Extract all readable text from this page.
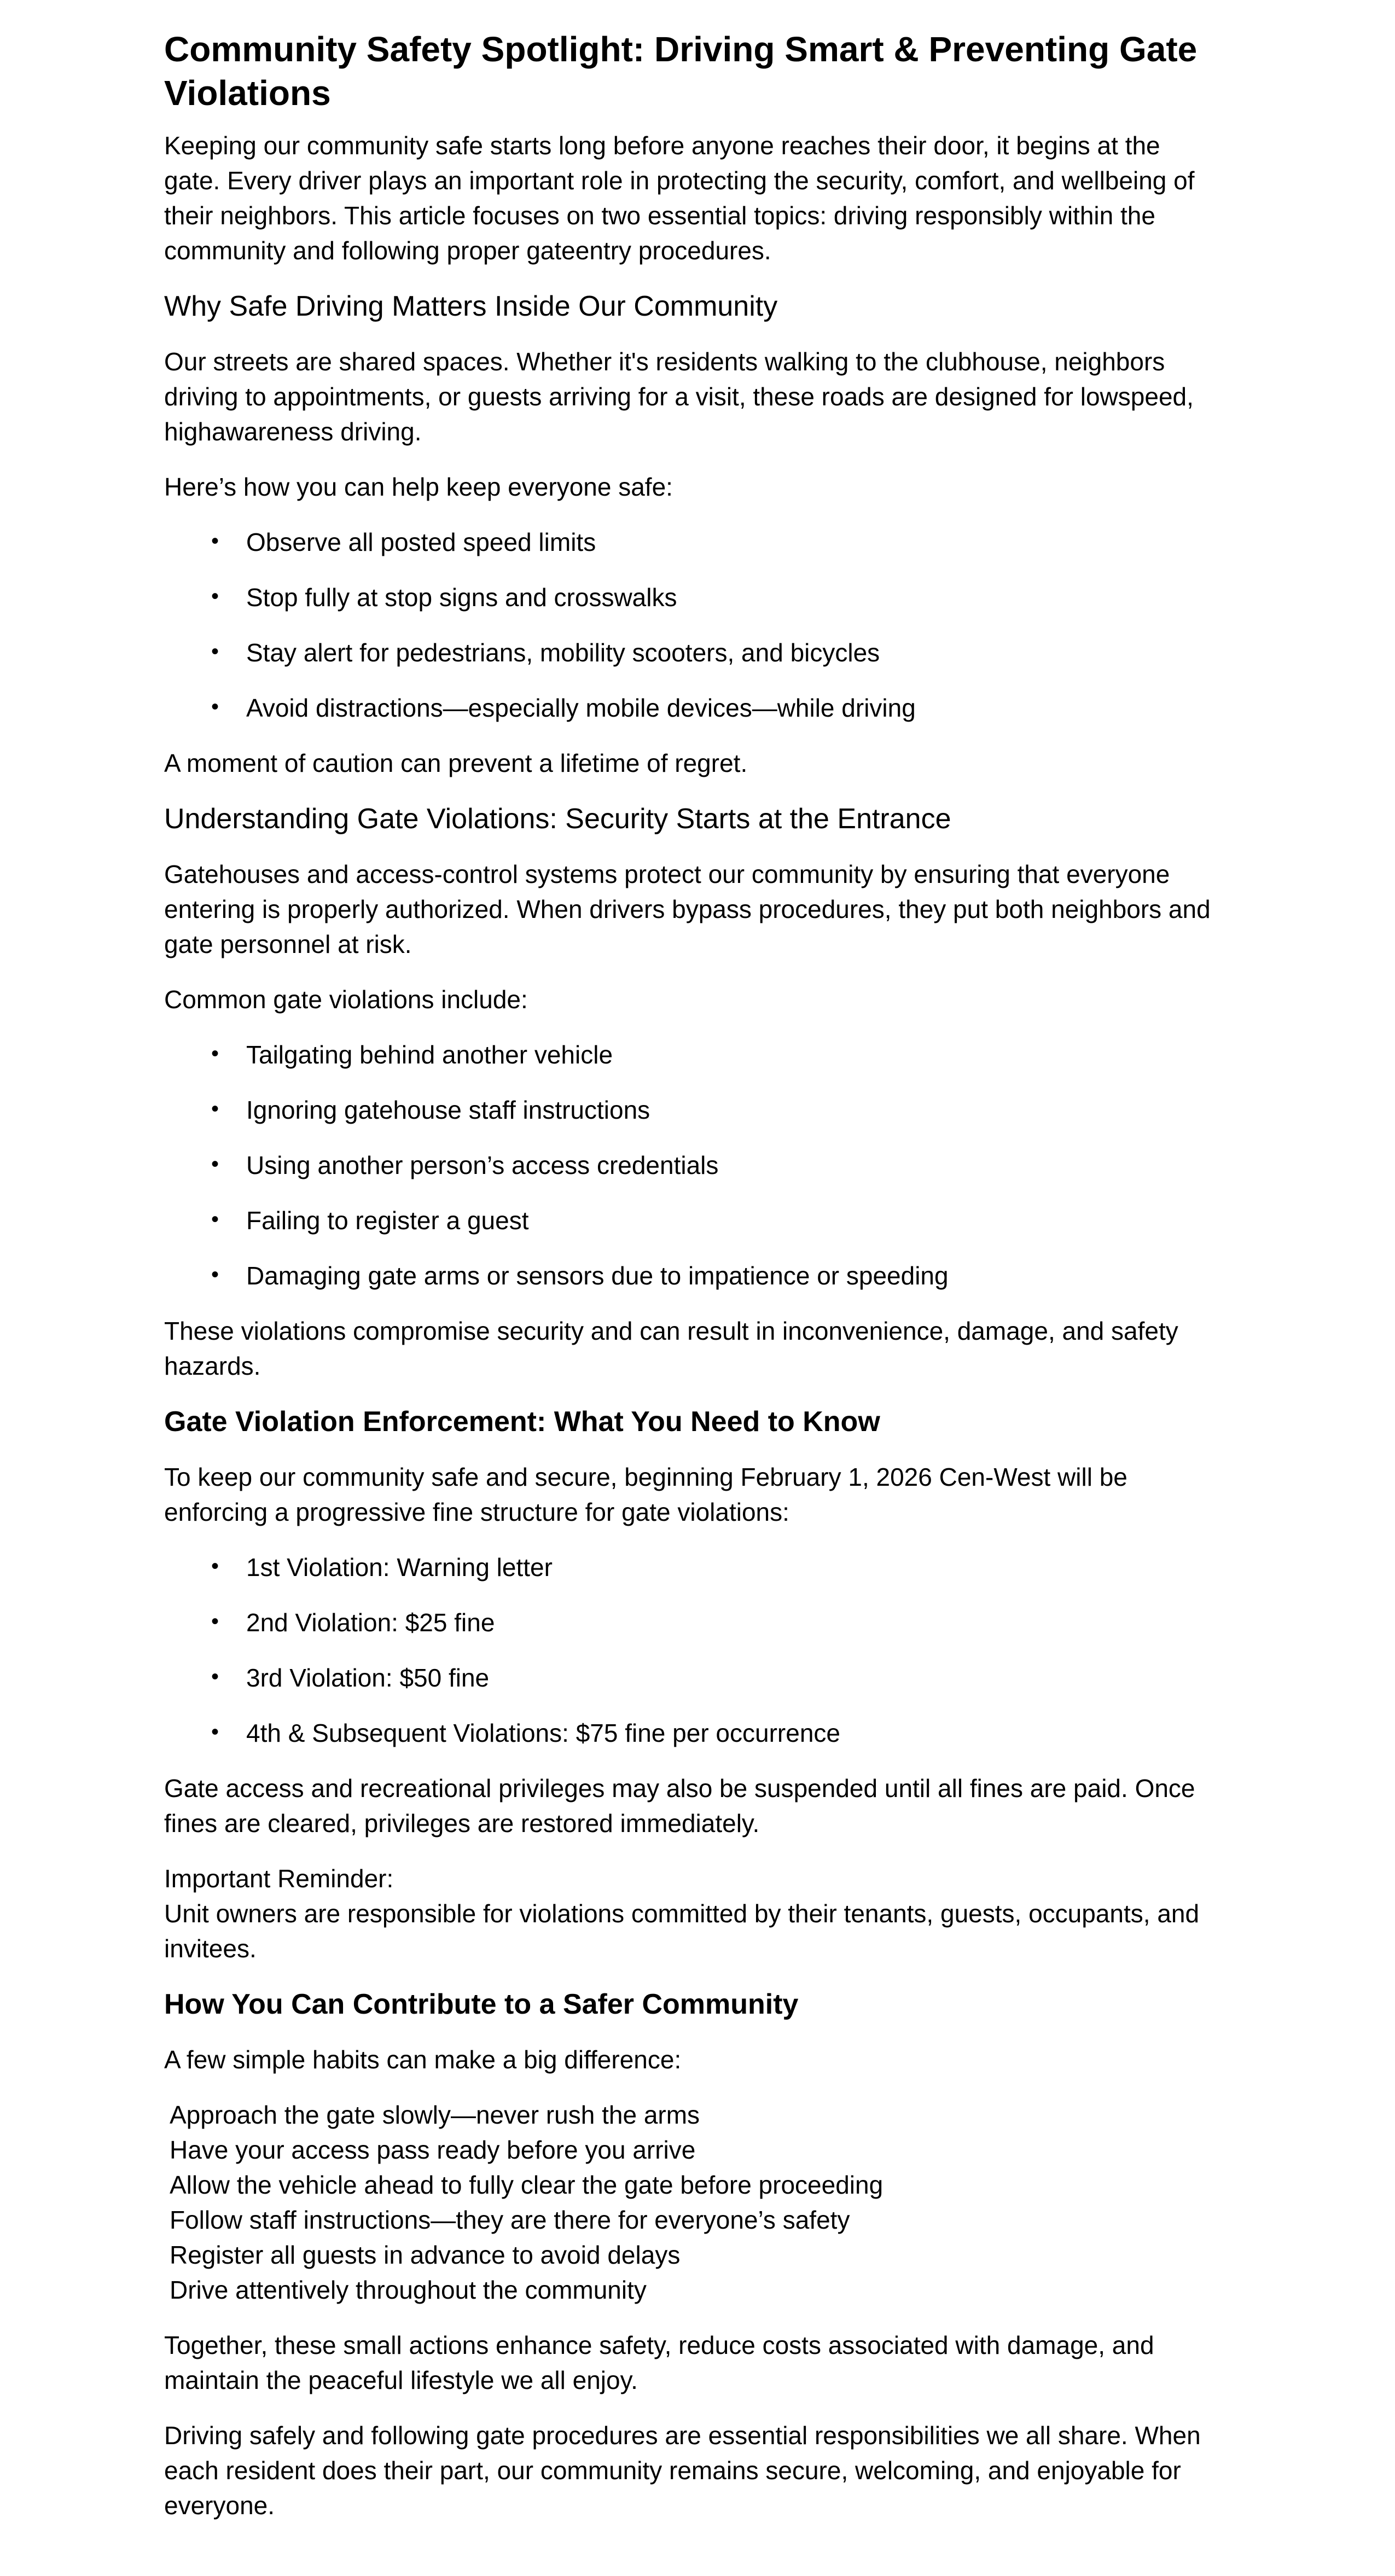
Community Safety Spotlight: Driving Smart & Preventing Gate Violations

Keeping our community safe starts long before anyone reaches their door, it begins at the gate. Every driver plays an important role in protecting the security, comfort, and wellbeing of their neighbors. This article focuses on two essential topics: driving responsibly within the community and following proper gateentry procedures.

Why Safe Driving Matters Inside Our Community

Our streets are shared spaces. Whether it's residents walking to the clubhouse, neighbors driving to appointments, or guests arriving for a visit, these roads are designed for lowspeed, highawareness driving.

Here’s how you can help keep everyone safe:

• Observe all posted speed limits
• Stop fully at stop signs and crosswalks
• Stay alert for pedestrians, mobility scooters, and bicycles
• Avoid distractions—especially mobile devices—while driving

A moment of caution can prevent a lifetime of regret.

Understanding Gate Violations: Security Starts at the Entrance

Gatehouses and access-control systems protect our community by ensuring that everyone entering is properly authorized. When drivers bypass procedures, they put both neighbors and gate personnel at risk.

Common gate violations include:

• Tailgating behind another vehicle
• Ignoring gatehouse staff instructions
• Using another person’s access credentials
• Failing to register a guest
• Damaging gate arms or sensors due to impatience or speeding

These violations compromise security and can result in inconvenience, damage, and safety hazards.

Gate Violation Enforcement: What You Need to Know

To keep our community safe and secure, beginning February 1, 2026 Cen-West will be enforcing a progressive fine structure for gate violations:

• 1st Violation: Warning letter
• 2nd Violation: $25 fine
• 3rd Violation: $50 fine
• 4th & Subsequent Violations: $75 fine per occurrence

Gate access and recreational privileges may also be suspended until all fines are paid. Once fines are cleared, privileges are restored immediately.

Important Reminder:
Unit owners are responsible for violations committed by their tenants, guests, occupants, and invitees.
How You Can Contribute to a Safer Community

A few simple habits can make a big difference:

Approach the gate slowly—never rush the arms
Have your access pass ready before you arrive
Allow the vehicle ahead to fully clear the gate before proceeding
Follow staff instructions—they are there for everyone’s safety
Register all guests in advance to avoid delays
Drive attentively throughout the community

Together, these small actions enhance safety, reduce costs associated with damage, and maintain the peaceful lifestyle we all enjoy.

Driving safely and following gate procedures are essential responsibilities we all share. When each resident does their part, our community remains secure, welcoming, and enjoyable for everyone.
